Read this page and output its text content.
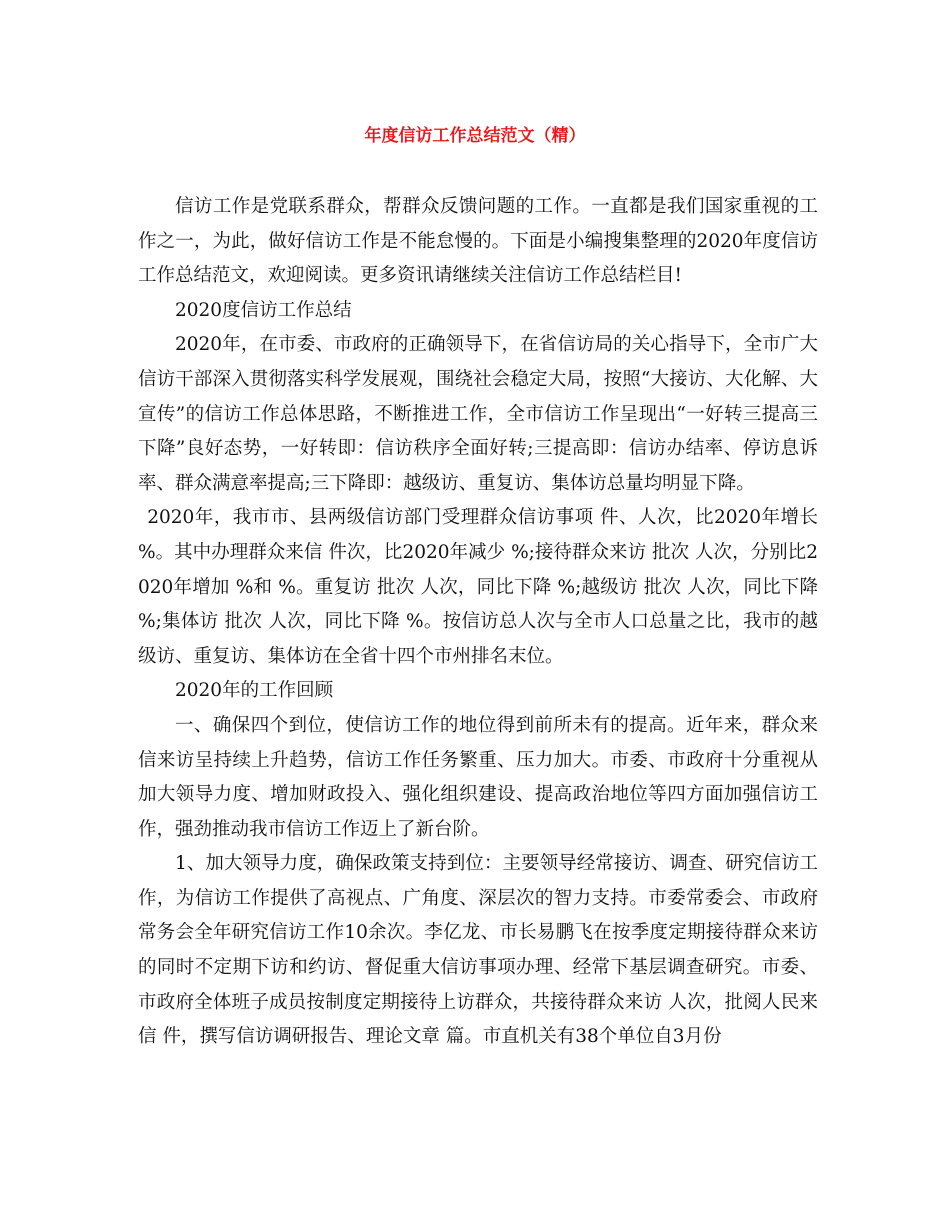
年度信访工作总结范文（精）

信访工作是党联系群众，帮群众反馈问题的工作。一直都是我们国家重视的工作之一，为此，做好信访工作是不能怠慢的。下面是小编搜集整理的2020年度信访工作总结范文，欢迎阅读。更多资讯请继续关注信访工作总结栏目!

2020度信访工作总结

2020年，在市委、市政府的正确领导下，在省信访局的关心指导下，全市广大信访干部深入贯彻落实科学发展观，围绕社会稳定大局，按照“大接访、大化解、大宣传”的信访工作总体思路，不断推进工作，全市信访工作呈现出“一好转三提高三下降”良好态势，一好转即：信访秩序全面好转;三提高即：信访办结率、停访息诉率、群众满意率提高;三下降即：越级访、重复访、集体访总量均明显下降。

2020年，我市市、县两级信访部门受理群众信访事项 件、人次，比2020年增长 %。其中办理群众来信 件次，比2020年减少 %;接待群众来访 批次 人次，分别比2020年增加 %和 %。重复访 批次 人次，同比下降 %;越级访 批次 人次，同比下降 %;集体访 批次 人次，同比下降 %。按信访总人次与全市人口总量之比，我市的越级访、重复访、集体访在全省十四个市州排名末位。

2020年的工作回顾

一、确保四个到位，使信访工作的地位得到前所未有的提高。近年来，群众来信来访呈持续上升趋势，信访工作任务繁重、压力加大。市委、市政府十分重视从加大领导力度、增加财政投入、强化组织建设、提高政治地位等四方面加强信访工作，强劲推动我市信访工作迈上了新台阶。

1、加大领导力度，确保政策支持到位：主要领导经常接访、调查、研究信访工作，为信访工作提供了高视点、广角度、深层次的智力支持。市委常委会、市政府常务会全年研究信访工作10余次。李亿龙、市长易鹏飞在按季度定期接待群众来访的同时不定期下访和约访、督促重大信访事项办理、经常下基层调查研究。市委、市政府全体班子成员按制度定期接待上访群众，共接待群众来访 人次，批阅人民来信 件，撰写信访调研报告、理论文章 篇。市直机关有38个单位自3月份
